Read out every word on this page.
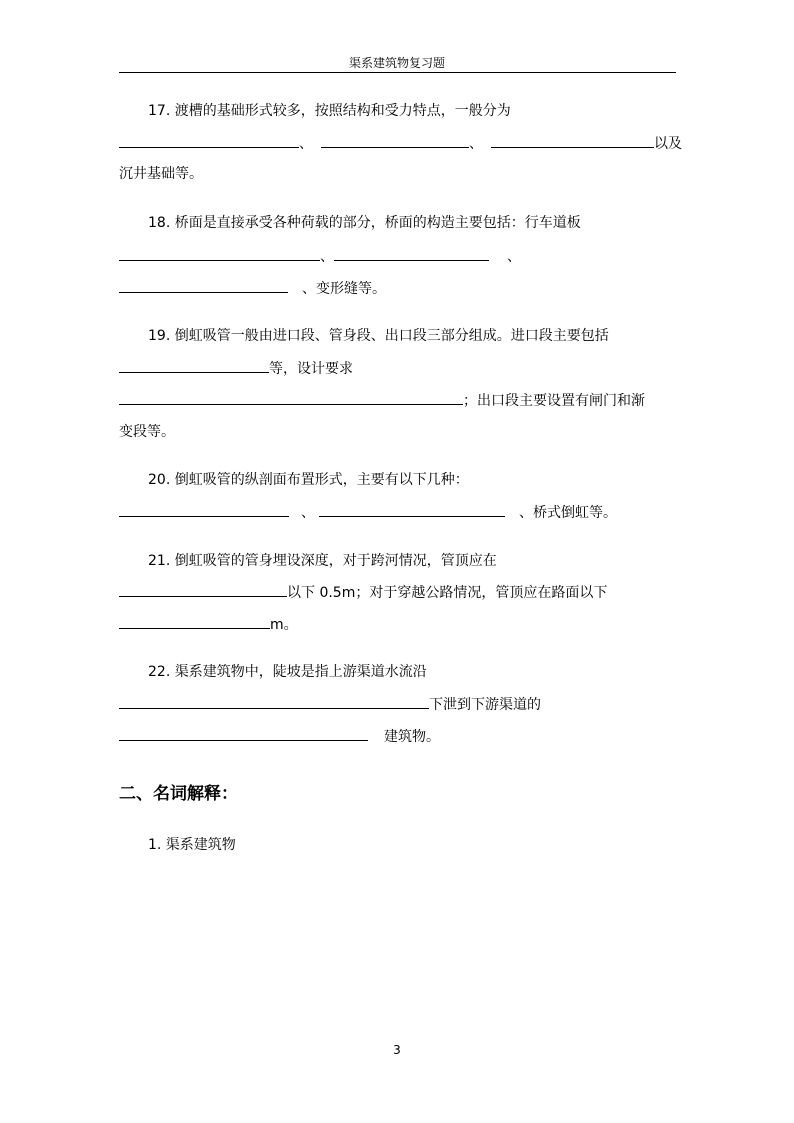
渠系建筑物复习题
17. 渡槽的基础形式较多，按照结构和受力特点，一般分为
、	、	以及
沉井基础等。
18. 桥面是直接承受各种荷载的部分，桥面的构造主要包括：行车道板
、	、
、变形缝等。
19. 倒虹吸管一般由进口段、管身段、出口段三部分组成。进口段主要包括
等，设计要求
；出口段主要设置有闸门和渐
变段等。
20. 倒虹吸管的纵剖面布置形式，主要有以下几种：
、	、桥式倒虹等。
21. 倒虹吸管的管身埋设深度，对于跨河情况，管顶应在
以下 0.5m；对于穿越公路情况，管顶应在路面以下
m。
22. 渠系建筑物中，陡坡是指上游渠道水流沿
下泄到下游渠道的
建筑物。
二、名词解释：
1. 渠系建筑物
3
